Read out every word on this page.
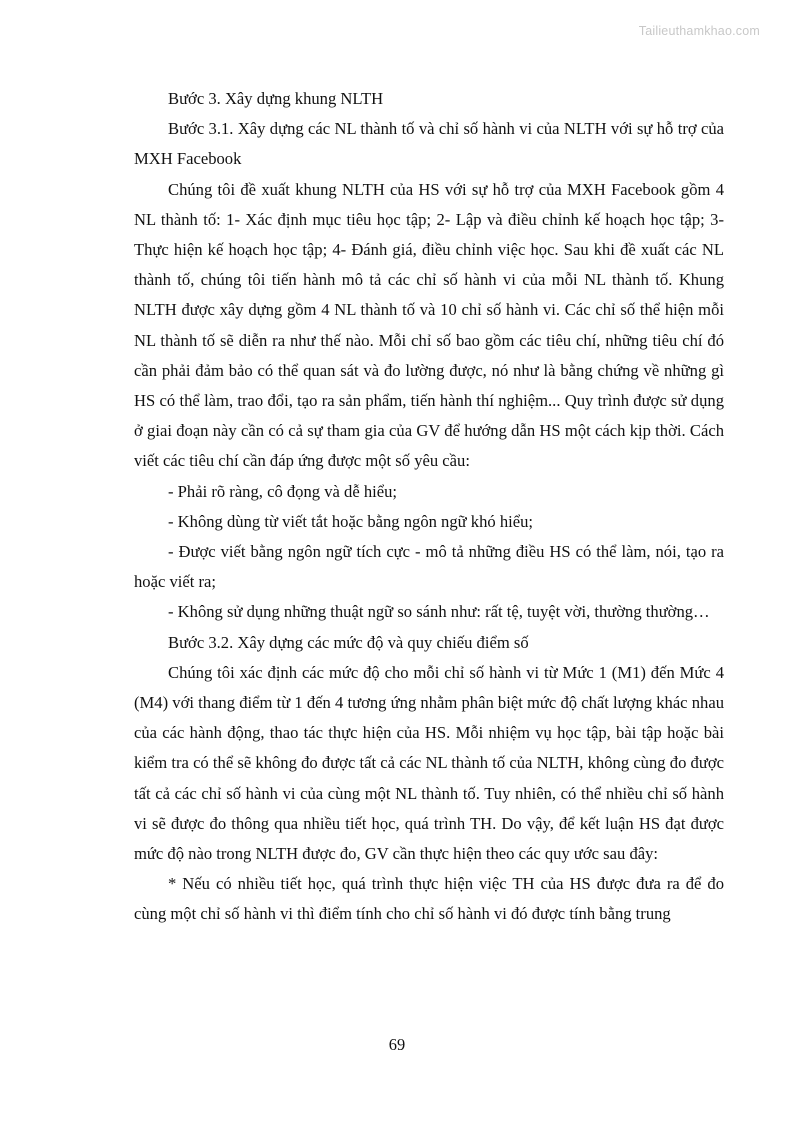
Tailieuthamkhao.com

Bước 3. Xây dựng khung NLTH

Bước 3.1. Xây dựng các NL thành tố và chỉ số hành vi của NLTH với sự hỗ trợ của MXH Facebook

Chúng tôi đề xuất khung NLTH của HS với sự hỗ trợ của MXH Facebook gồm 4 NL thành tố: 1- Xác định mục tiêu học tập; 2- Lập và điều chỉnh kế hoạch học tập; 3- Thực hiện kế hoạch học tập; 4- Đánh giá, điều chỉnh việc học. Sau khi đề xuất các NL thành tố, chúng tôi tiến hành mô tả các chỉ số hành vi của mỗi NL thành tố. Khung NLTH được xây dựng gồm 4 NL thành tố và 10 chỉ số hành vi. Các chỉ số thể hiện mỗi NL thành tố sẽ diễn ra như thế nào. Mỗi chỉ số bao gồm các tiêu chí, những tiêu chí đó cần phải đảm bảo có thể quan sát và đo lường được, nó như là bằng chứng về những gì HS có thể làm, trao đổi, tạo ra sản phẩm, tiến hành thí nghiệm... Quy trình được sử dụng ở giai đoạn này cần có cả sự tham gia của GV để hướng dẫn HS một cách kịp thời. Cách viết các tiêu chí cần đáp ứng được một số yêu cầu:

- Phải rõ ràng, cô đọng và dễ hiểu;

- Không dùng từ viết tắt hoặc bằng ngôn ngữ khó hiểu;

- Được viết bằng ngôn ngữ tích cực - mô tả những điều HS có thể làm, nói, tạo ra hoặc viết ra;

- Không sử dụng những thuật ngữ so sánh như: rất tệ, tuyệt vời, thường thường…

Bước 3.2. Xây dựng các mức độ và quy chiếu điểm số

Chúng tôi xác định các mức độ cho mỗi chỉ số hành vi từ Mức 1 (M1) đến Mức 4 (M4) với thang điểm từ 1 đến 4 tương ứng nhằm phân biệt mức độ chất lượng khác nhau của các hành động, thao tác thực hiện của HS. Mỗi nhiệm vụ học tập, bài tập hoặc bài kiểm tra có thể sẽ không đo được tất cả các NL thành tố của NLTH, không cùng đo được tất cả các chỉ số hành vi của cùng một NL thành tố. Tuy nhiên, có thể nhiều chỉ số hành vi sẽ được đo thông qua nhiều tiết học, quá trình TH. Do vậy, để kết luận HS đạt được mức độ nào trong NLTH được đo, GV cần thực hiện theo các quy ước sau đây:

* Nếu có nhiều tiết học, quá trình thực hiện việc TH của HS được đưa ra để đo cùng một chỉ số hành vi thì điểm tính cho chỉ số hành vi đó được tính bằng trung

69
